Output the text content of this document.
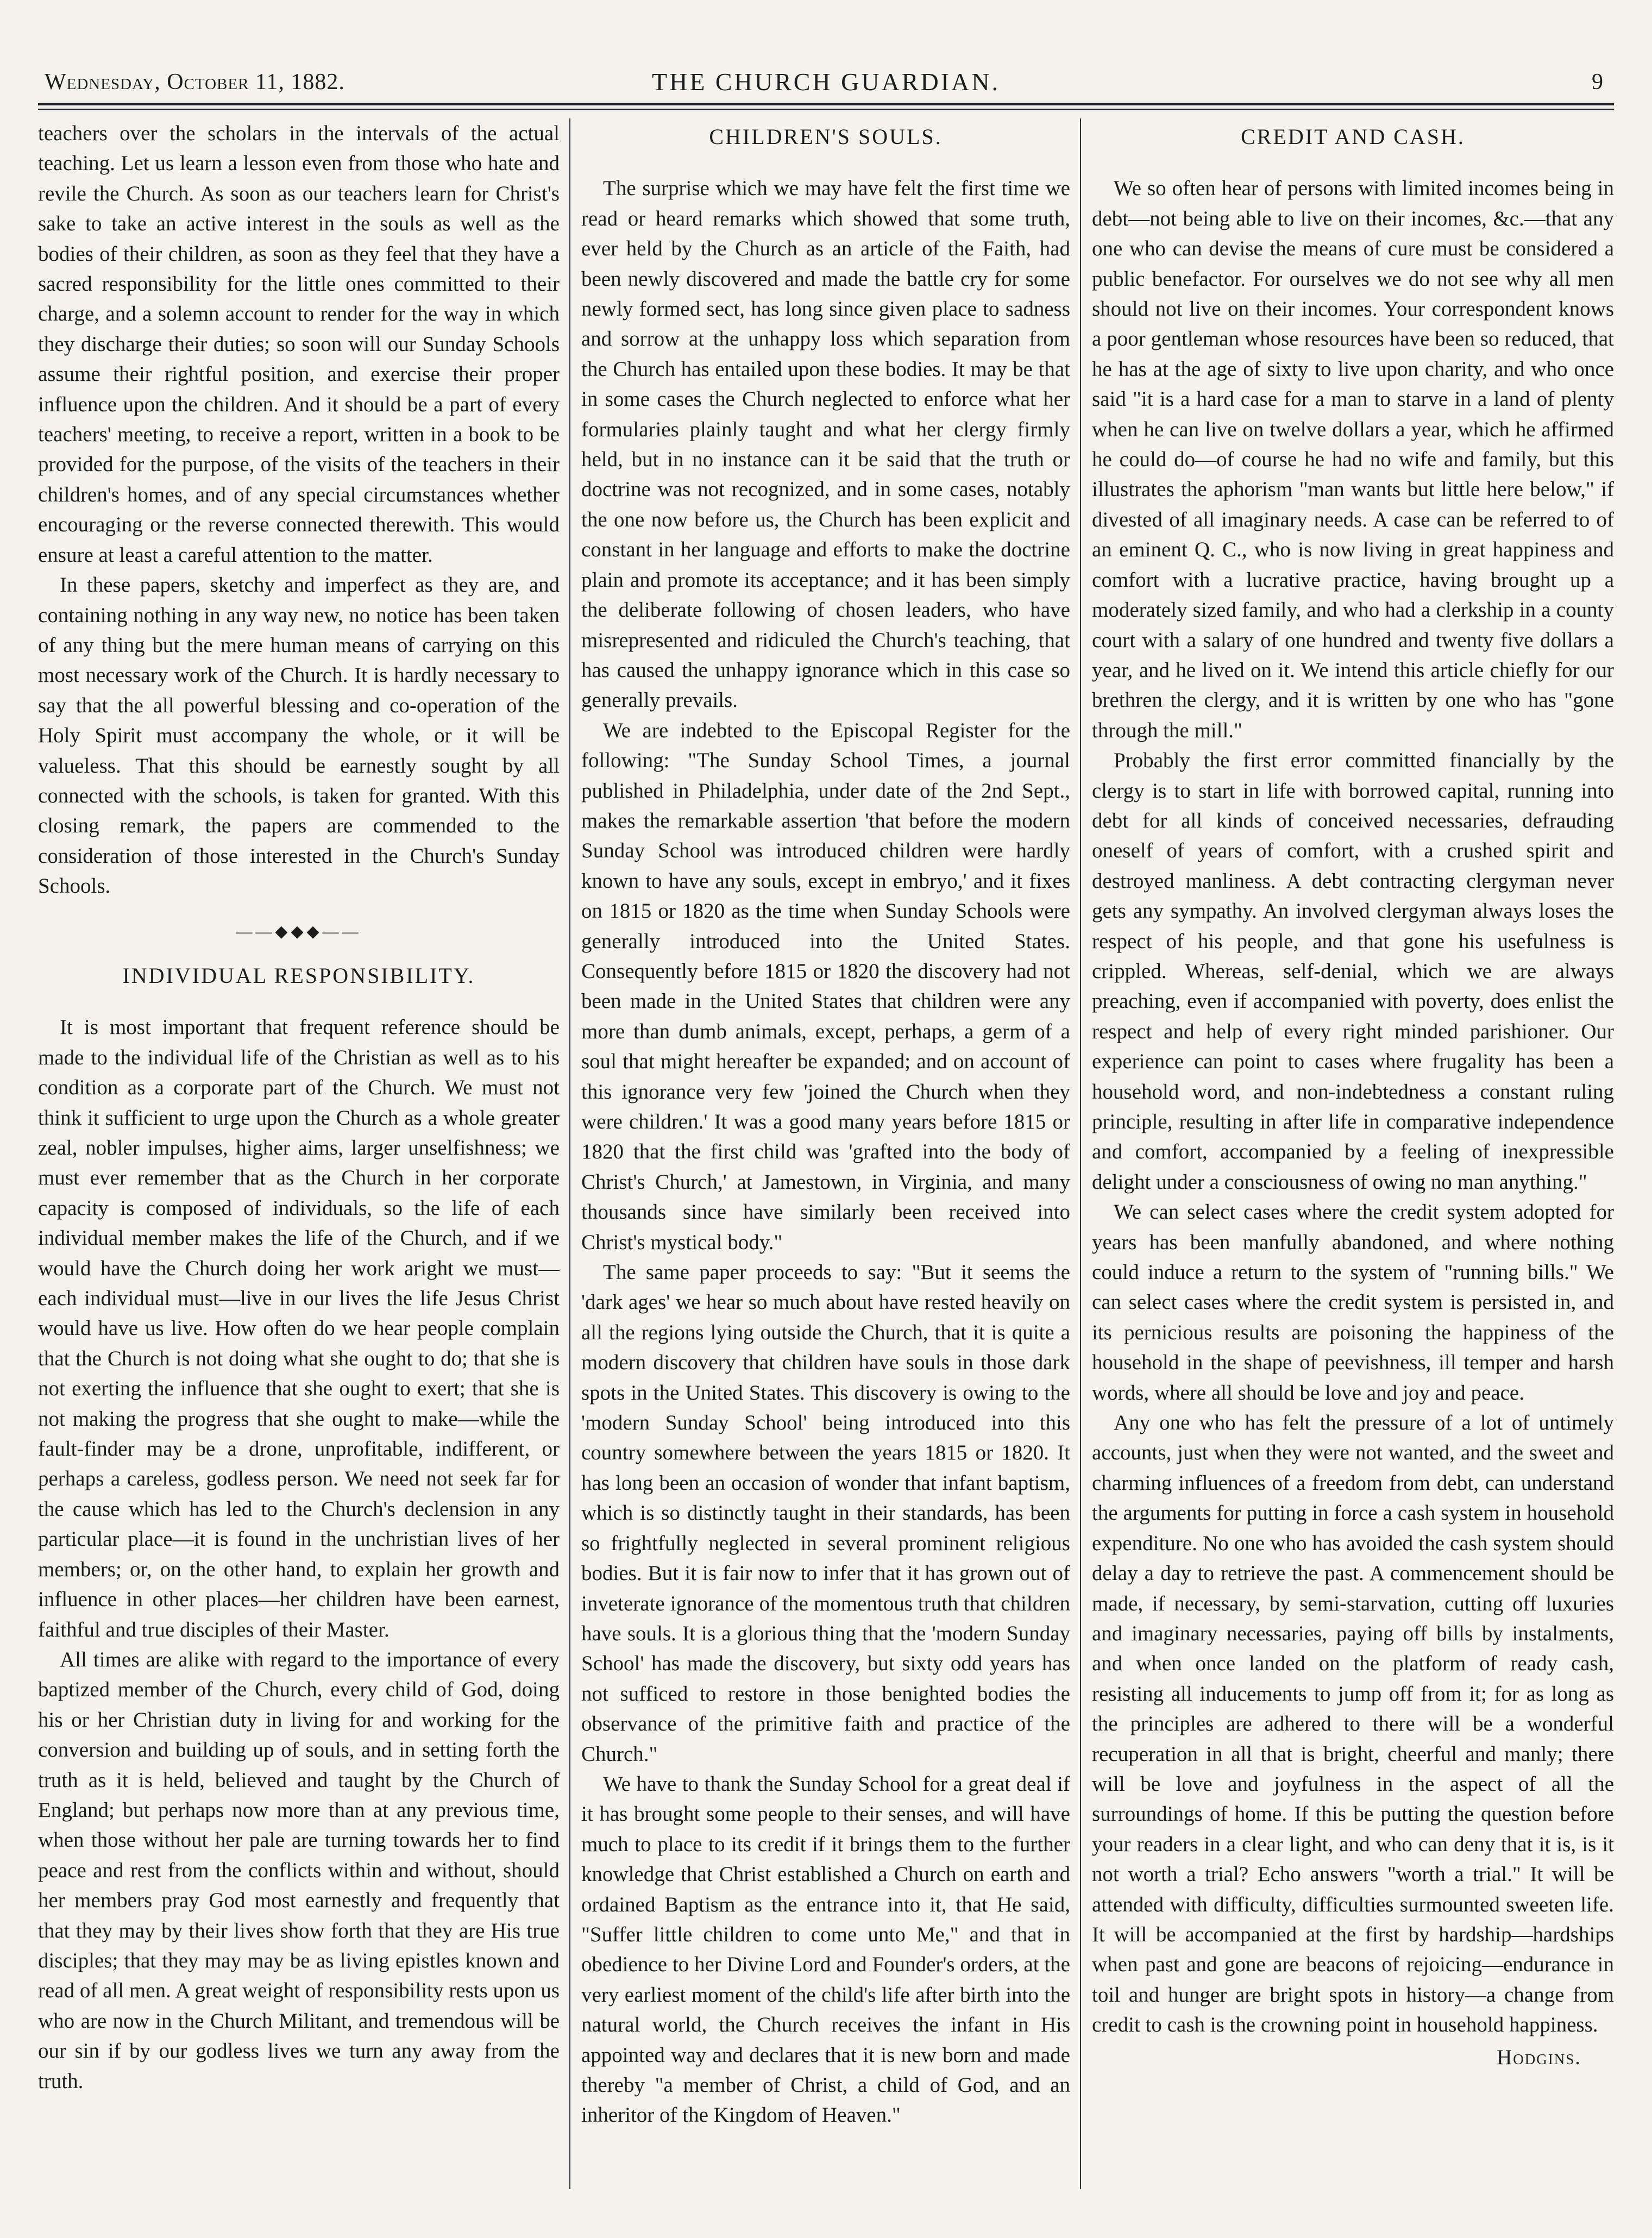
Wednesday, October 11, 1882.	THE CHURCH GUARDIAN.	9

teachers over the scholars in the intervals of the actual teaching. Let us learn a lesson even from those who hate and revile the Church. As soon as our teachers learn for Christ's sake to take an active interest in the souls as well as the bodies of their children, as soon as they feel that they have a sacred responsibility for the little ones committed to their charge, and a solemn account to render for the way in which they discharge their duties; so soon will our Sunday Schools assume their rightful position, and exercise their proper influence upon the children. And it should be a part of every teachers' meeting, to receive a report, written in a book to be provided for the purpose, of the visits of the teachers in their children's homes, and of any special circumstances whether encouraging or the reverse connected therewith. This would ensure at least a careful attention to the matter.

In these papers, sketchy and imperfect as they are, and containing nothing in any way new, no notice has been taken of any thing but the mere human means of carrying on this most necessary work of the Church. It is hardly necessary to say that the all powerful blessing and co-operation of the Holy Spirit must accompany the whole, or it will be valueless. That this should be earnestly sought by all connected with the schools, is taken for granted. With this closing remark, the papers are commended to the consideration of those interested in the Church's Sunday Schools.

——◆◆◆——
INDIVIDUAL RESPONSIBILITY.

It is most important that frequent reference should be made to the individual life of the Christian as well as to his condition as a corporate part of the Church. We must not think it sufficient to urge upon the Church as a whole greater zeal, nobler impulses, higher aims, larger unselfishness; we must ever remember that as the Church in her corporate capacity is composed of individuals, so the life of each individual member makes the life of the Church, and if we would have the Church doing her work aright we must—each individual must—live in our lives the life Jesus Christ would have us live. How often do we hear people complain that the Church is not doing what she ought to do; that she is not exerting the influence that she ought to exert; that she is not making the progress that she ought to make—while the fault-finder may be a drone, unprofitable, indifferent, or perhaps a careless, godless person. We need not seek far for the cause which has led to the Church's declension in any particular place—it is found in the unchristian lives of her members; or, on the other hand, to explain her growth and influence in other places—her children have been earnest, faithful and true disciples of their Master.

All times are alike with regard to the importance of every baptized member of the Church, every child of God, doing his or her Christian duty in living for and working for the conversion and building up of souls, and in setting forth the truth as it is held, believed and taught by the Church of England; but perhaps now more than at any previous time, when those without her pale are turning towards her to find peace and rest from the conflicts within and without, should her members pray God most earnestly and frequently that that they may by their lives show forth that they are His true disciples; that they may may be as living epistles known and read of all men. A great weight of responsibility rests upon us who are now in the Church Militant, and tremendous will be our sin if by our godless lives we turn any away from the truth.

CHILDREN'S SOULS.

The surprise which we may have felt the first time we read or heard remarks which showed that some truth, ever held by the Church as an article of the Faith, had been newly discovered and made the battle cry for some newly formed sect, has long since given place to sadness and sorrow at the unhappy loss which separation from the Church has entailed upon these bodies. It may be that in some cases the Church neglected to enforce what her formularies plainly taught and what her clergy firmly held, but in no instance can it be said that the truth or doctrine was not recognized, and in some cases, notably the one now before us, the Church has been explicit and constant in her language and efforts to make the doctrine plain and promote its acceptance; and it has been simply the deliberate following of chosen leaders, who have misrepresented and ridiculed the Church's teaching, that has caused the unhappy ignorance which in this case so generally prevails.

We are indebted to the Episcopal Register for the following: "The Sunday School Times, a journal published in Philadelphia, under date of the 2nd Sept., makes the remarkable assertion 'that before the modern Sunday School was introduced children were hardly known to have any souls, except in embryo,' and it fixes on 1815 or 1820 as the time when Sunday Schools were generally introduced into the United States. Consequently before 1815 or 1820 the discovery had not been made in the United States that children were any more than dumb animals, except, perhaps, a germ of a soul that might hereafter be expanded; and on account of this ignorance very few 'joined the Church when they were children.' It was a good many years before 1815 or 1820 that the first child was 'grafted into the body of Christ's Church,' at Jamestown, in Virginia, and many thousands since have similarly been received into Christ's mystical body."

The same paper proceeds to say: "But it seems the 'dark ages' we hear so much about have rested heavily on all the regions lying outside the Church, that it is quite a modern discovery that children have souls in those dark spots in the United States. This discovery is owing to the 'modern Sunday School' being introduced into this country somewhere between the years 1815 or 1820. It has long been an occasion of wonder that infant baptism, which is so distinctly taught in their standards, has been so frightfully neglected in several prominent religious bodies. But it is fair now to infer that it has grown out of inveterate ignorance of the momentous truth that children have souls. It is a glorious thing that the 'modern Sunday School' has made the discovery, but sixty odd years has not sufficed to restore in those benighted bodies the observance of the primitive faith and practice of the Church."

We have to thank the Sunday School for a great deal if it has brought some people to their senses, and will have much to place to its credit if it brings them to the further knowledge that Christ established a Church on earth and ordained Baptism as the entrance into it, that He said, "Suffer little children to come unto Me," and that in obedience to her Divine Lord and Founder's orders, at the very earliest moment of the child's life after birth into the natural world, the Church receives the infant in His appointed way and declares that it is new born and made thereby "a member of Christ, a child of God, and an inheritor of the Kingdom of Heaven."

CREDIT AND CASH.

We so often hear of persons with limited incomes being in debt—not being able to live on their incomes, &c.—that any one who can devise the means of cure must be considered a public benefactor. For ourselves we do not see why all men should not live on their incomes. Your correspondent knows a poor gentleman whose resources have been so reduced, that he has at the age of sixty to live upon charity, and who once said "it is a hard case for a man to starve in a land of plenty when he can live on twelve dollars a year, which he affirmed he could do—of course he had no wife and family, but this illustrates the aphorism "man wants but little here below," if divested of all imaginary needs. A case can be referred to of an eminent Q. C., who is now living in great happiness and comfort with a lucrative practice, having brought up a moderately sized family, and who had a clerkship in a county court with a salary of one hundred and twenty five dollars a year, and he lived on it. We intend this article chiefly for our brethren the clergy, and it is written by one who has "gone through the mill."

Probably the first error committed financially by the clergy is to start in life with borrowed capital, running into debt for all kinds of conceived necessaries, defrauding oneself of years of comfort, with a crushed spirit and destroyed manliness. A debt contracting clergyman never gets any sympathy. An involved clergyman always loses the respect of his people, and that gone his usefulness is crippled. Whereas, self-denial, which we are always preaching, even if accompanied with poverty, does enlist the respect and help of every right minded parishioner. Our experience can point to cases where frugality has been a household word, and non-indebtedness a constant ruling principle, resulting in after life in comparative independence and comfort, accompanied by a feeling of inexpressible delight under a consciousness of owing no man anything."

We can select cases where the credit system adopted for years has been manfully abandoned, and where nothing could induce a return to the system of "running bills." We can select cases where the credit system is persisted in, and its pernicious results are poisoning the happiness of the household in the shape of peevishness, ill temper and harsh words, where all should be love and joy and peace.

Any one who has felt the pressure of a lot of untimely accounts, just when they were not wanted, and the sweet and charming influences of a freedom from debt, can understand the arguments for putting in force a cash system in household expenditure. No one who has avoided the cash system should delay a day to retrieve the past. A commencement should be made, if necessary, by semi-starvation, cutting off luxuries and imaginary necessaries, paying off bills by instalments, and when once landed on the platform of ready cash, resisting all inducements to jump off from it; for as long as the principles are adhered to there will be a wonderful recuperation in all that is bright, cheerful and manly; there will be love and joyfulness in the aspect of all the surroundings of home. If this be putting the question before your readers in a clear light, and who can deny that it is, is it not worth a trial? Echo answers "worth a trial." It will be attended with difficulty, difficulties surmounted sweeten life. It will be accompanied at the first by hardship—hardships when past and gone are beacons of rejoicing—endurance in toil and hunger are bright spots in history—a change from credit to cash is the crowning point in household happiness.

Hodgins.
